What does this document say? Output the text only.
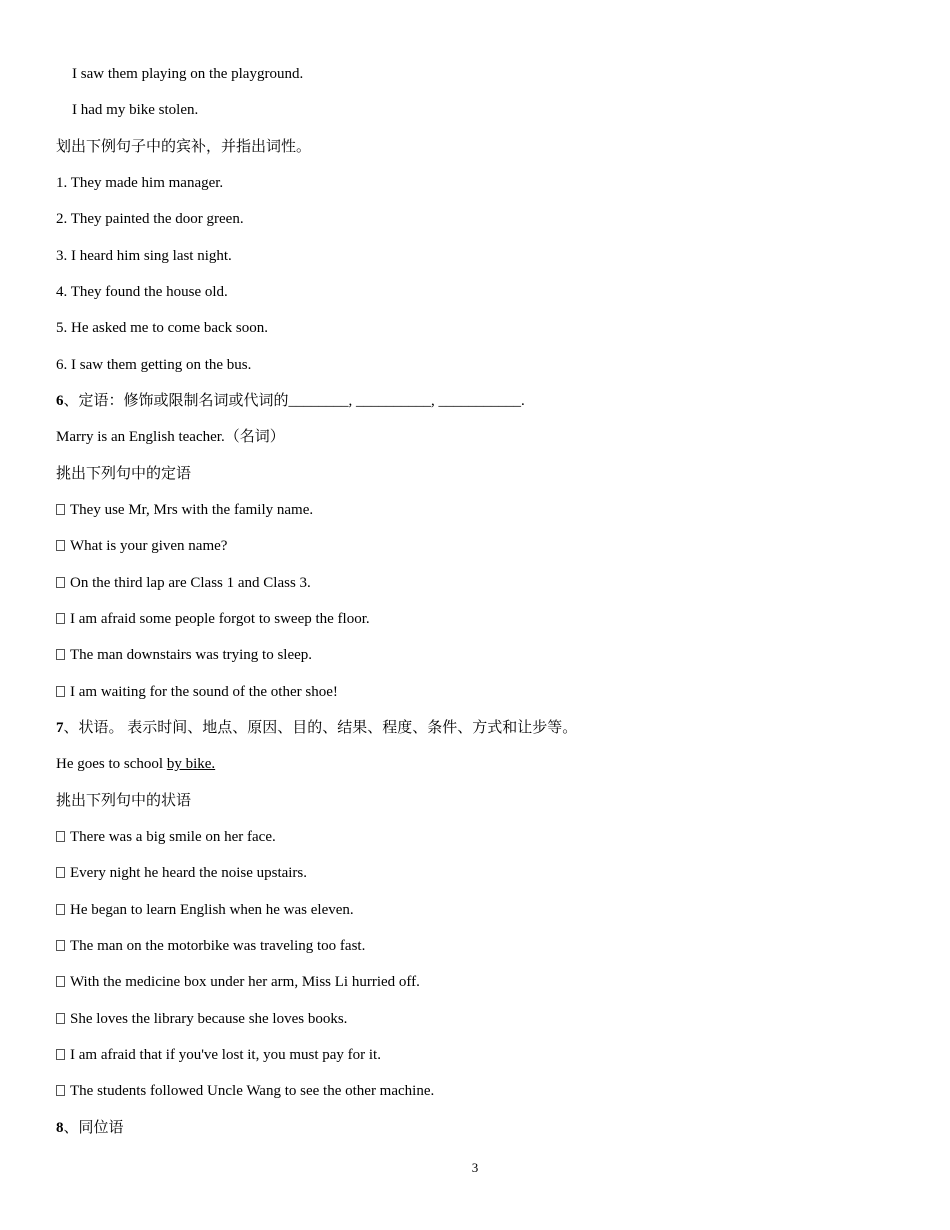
I saw them playing on the playground.
I had my bike stolen.
划出下例句子中的宾补，并指出词性。
1. They made him manager.
2. They painted the door green.
3. I heard him sing last night.
4. They found the house old.
5. He asked me to come back soon.
6. I saw them getting on the bus.
6、定语：修饰或限制名词或代词的________, __________, ___________.
Marry is an English teacher.（名词）
挑出下列句中的定语
They use Mr, Mrs with the family name.
What is your given name?
On the third lap are Class 1 and Class 3.
I am afraid some people forgot to sweep the floor.
The man downstairs was trying to sleep.
I am waiting for the sound of the other shoe!
7、状语。 表示时间、地点、原因、目的、结果、程度、条件、方式和让步等。
He goes to school by bike.
挑出下列句中的状语
There was a big smile on her face.
Every night he heard the noise upstairs.
He began to learn English when he was eleven.
The man on the motorbike was traveling too fast.
With the medicine box under her arm, Miss Li hurried off.
She loves the library because she loves books.
I am afraid that if you've lost it, you must pay for it.
The students followed Uncle Wang to see the other machine.
8、同位语
3
